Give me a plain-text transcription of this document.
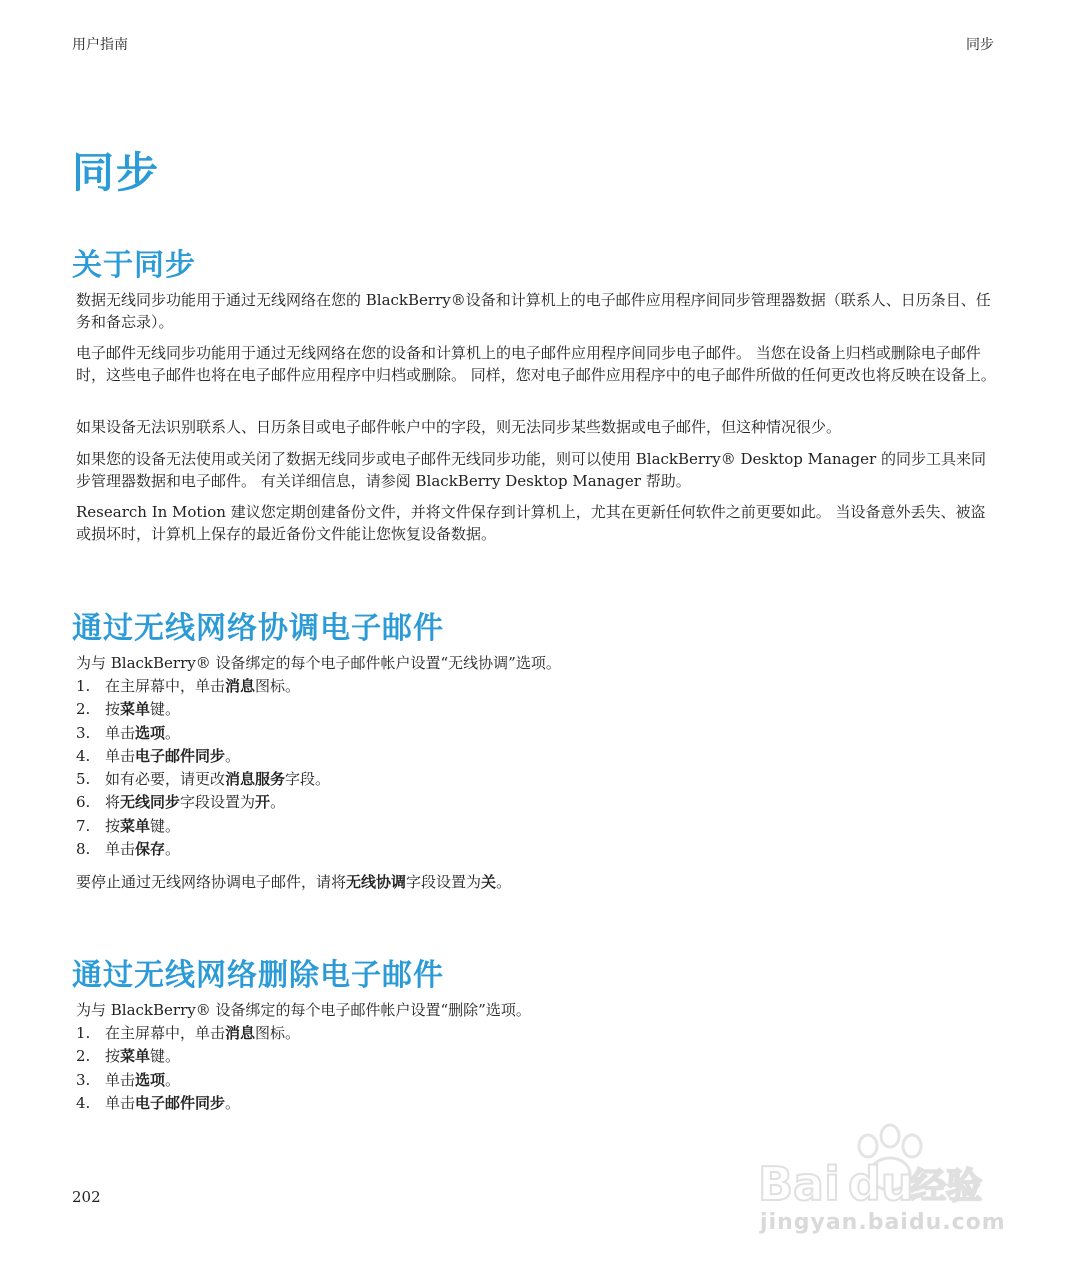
用户指南	同步
同步
关于同步

数据无线同步功能用于通过无线网络在您的 BlackBerry®设备和计算机上的电子邮件应用程序间同步管理器数据（联系人、日历条目、任务和备忘录）。

电子邮件无线同步功能用于通过无线网络在您的设备和计算机上的电子邮件应用程序间同步电子邮件。 当您在设备上归档或删除电子邮件时，这些电子邮件也将在电子邮件应用程序中归档或删除。 同样，您对电子邮件应用程序中的电子邮件所做的任何更改也将反映在设备上。

如果设备无法识别联系人、日历条目或电子邮件帐户中的字段，则无法同步某些数据或电子邮件，但这种情况很少。

如果您的设备无法使用或关闭了数据无线同步或电子邮件无线同步功能，则可以使用 BlackBerry® Desktop Manager 的同步工具来同步管理器数据和电子邮件。 有关详细信息，请参阅 BlackBerry Desktop Manager 帮助。

Research In Motion 建议您定期创建备份文件，并将文件保存到计算机上，尤其在更新任何软件之前更要如此。 当设备意外丢失、被盗或损坏时，计算机上保存的最近备份文件能让您恢复设备数据。

通过无线网络协调电子邮件

为与 BlackBerry® 设备绑定的每个电子邮件帐户设置“无线协调”选项。

1. 在主屏幕中，单击消息图标。
2. 按菜单键。
3. 单击选项。
4. 单击电子邮件同步。
5. 如有必要，请更改消息服务字段。
6. 将无线同步字段设置为开。
7. 按菜单键。
8. 单击保存。

要停止通过无线网络协调电子邮件，请将无线协调字段设置为关。

通过无线网络删除电子邮件

为与 BlackBerry® 设备绑定的每个电子邮件帐户设置“删除”选项。

1. 在主屏幕中，单击消息图标。
2. 按菜单键。
3. 单击选项。
4. 单击电子邮件同步。
202	Bai du
经验
jingyan.baidu.com
